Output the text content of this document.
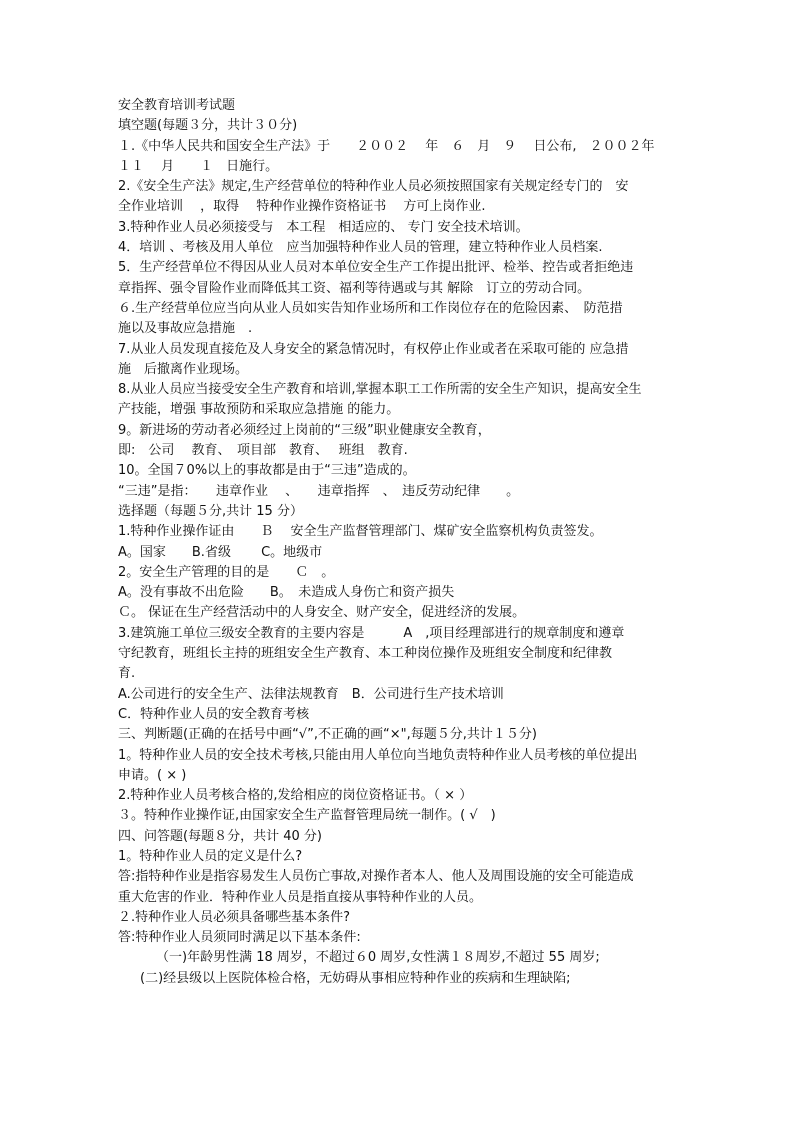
安全教育培训考试题
填空题(每题３分，共计３０分)
１.《中华人民共和国安全生产法》于　　２００２　 年　６　月　９　 日公布,　２００２年
１１　 月　　１　日施行。
2.《安全生产法》规定,生产经营单位的特种作业人员必须按照国家有关规定经专门的　安
全作业培训　 ，取得　 特种作业操作资格证书　 方可上岗作业.
3.特种作业人员必须接受与　本工程　相适应的、 专门 安全技术培训。
4．培训 、考核及用人单位　应当加强特种作业人员的管理，建立特种作业人员档案.
5．生产经营单位不得因从业人员对本单位安全生产工作提出批评、检举、控告或者拒绝违
章指挥、强令冒险作业而降低其工资、福利等待遇或与其 解除　订立的劳动合同。
６.生产经营单位应当向从业人员如实告知作业场所和工作岗位存在的危险因素、　防范措
施以及事故应急措施　.
7.从业人员发现直接危及人身安全的紧急情况时，有权停止作业或者在采取可能的 应急措
施　后撤离作业现场。
8.从业人员应当接受安全生产教育和培训,掌握本职工工作所需的安全生产知识，提高安全生
产技能，增强 事故预防和采取应急措施 的能力。
9。新进场的劳动者必须经过上岗前的“三级”职业健康安全教育，
即:　公司　 教育、　项目部　教育、　 班组　教育.
10。全国７0%以上的事故都是由于“三违”造成的。
“三违”是指：　　违章作业　 、　　违章指挥　、　违反劳动纪律　　。
选择题（每题５分,共计 15 分）
1.特种作业操作证由　　Ｂ　 安全生产监督管理部门、煤矿安全监察机构负责签发。
A。国家　　B.省级　　 C。地级市
2。安全生产管理的目的是　　Ｃ　。
A。没有事故不出危险　　B。　未造成人身伤亡和资产损失
Ｃ。 保证在生产经营活动中的人身安全、财产安全，促进经济的发展。
3.建筑施工单位三级安全教育的主要内容是　　　A　,项目经理部进行的规章制度和遵章
守纪教育，班组长主持的班组安全生产教育、本工种岗位操作及班组安全制度和纪律教
育.
A.公司进行的安全生产、法律法规教育　B．公司进行生产技术培训
C．特种作业人员的安全教育考核
三、判断题(正确的在括号中画“√”,不正确的画“×",每题５分,共计１５分)
1。特种作业人员的安全技术考核,只能由用人单位向当地负责特种作业人员考核的单位提出
申请。( × )
2.特种作业人员考核合格的,发给相应的岗位资格证书。（ × ）
３。特种作业操作证,由国家安全生产监督管理局统一制作。( √　)
四、问答题(每题８分，共计 40 分)
1。特种作业人员的定义是什么?
答:指特种作业是指容易发生人员伤亡事故,对操作者本人、他人及周围设施的安全可能造成
重大危害的作业．特种作业人员是指直接从事特种作业的人员。
２.特种作业人员必须具备哪些基本条件?
答:特种作业人员须同时满足以下基本条件:
（一)年龄男性满 18 周岁，不超过６0 周岁,女性满１８周岁,不超过 55 周岁;
(二)经县级以上医院体检合格，无妨碍从事相应特种作业的疾病和生理缺陷;
